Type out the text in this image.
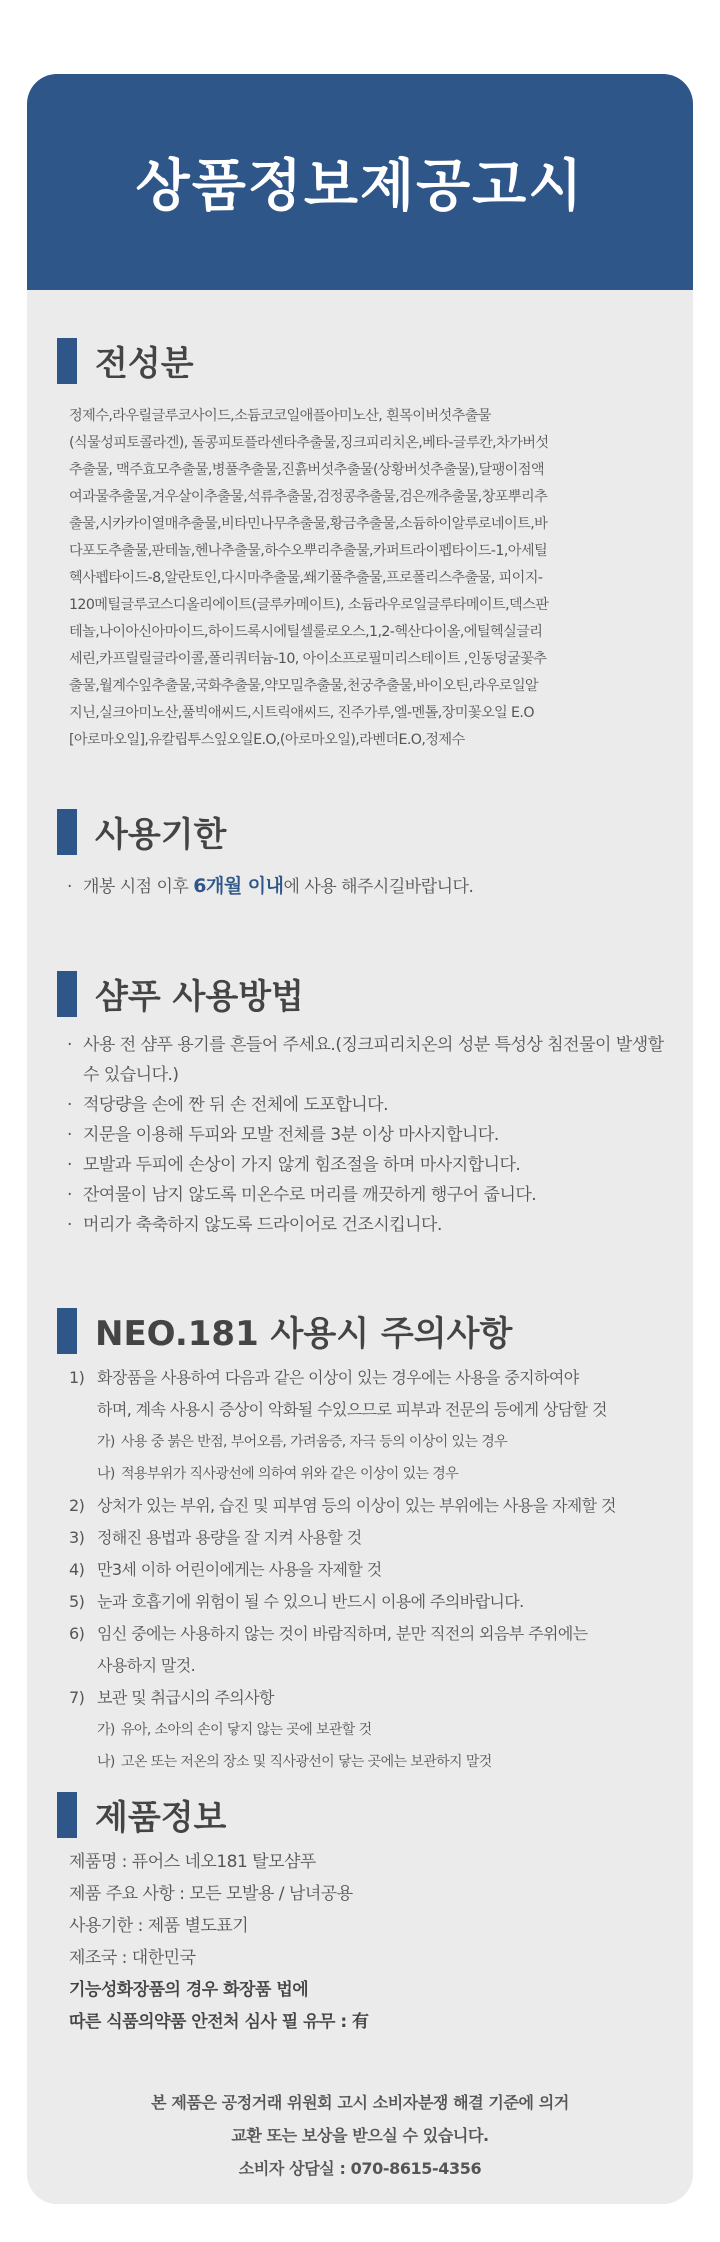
상품정보제공고시
전성분
정제수,라우릴글루코사이드,소듐코코일애플아미노산, 흰목이버섯추출물
(식물성피토콜라겐), 돌콩피토플라센타추출물,징크피리치온,베타-글루칸,차가버섯
추출물, 맥주효모추출물,병풀추출물,진흙버섯추출물(상황버섯추출물),달팽이점액
여과물추출물,겨우살이추출물,석류추출물,검정콩추출물,검은깨추출물,창포뿌리추
출물,시카카이열매추출물,비타민나무추출물,황금추출물,소듐하이알루로네이트,바
다포도추출물,판테놀,헨나추출물,하수오뿌리추출물,카퍼트라이펩타이드-1,아세틸
헥사펩타이드-8,알란토인,다시마추출물,쐐기풀추출물,프로폴리스추출물, 피이지-
120메틸글루코스디올리에이트(글루카메이트), 소듐라우로일글루타메이트,덱스판
테놀,나이아신아마이드,하이드록시에틸셀룰로오스,1,2-헥산다이올,에틸헥실글리
세린,카프릴릴글라이콜,폴리쿼터늄-10, 아이소프로필미리스테이트 ,인동덩굴꽃추
출물,월계수잎추출물,국화추출물,약모밀추출물,천궁추출물,바이오틴,라우로일알
지닌,실크아미노산,풀빅애씨드,시트릭애씨드, 진주가루,엘-멘톨,장미꽃오일 E.O
[아로마오일],유칼립투스잎오일E.O,(아로마오일),라벤더E.O,정제수
사용기한
· 개봉 시점 이후 6개월 이내에 사용 해주시길바랍니다.
샴푸 사용방법
· 사용 전 샴푸 용기를 흔들어 주세요.(징크피리치온의 성분 특성상 침전물이 발생할 수 있습니다.)
· 적당량을 손에 짠 뒤 손 전체에 도포합니다.
· 지문을 이용해 두피와 모발 전체를 3분 이상 마사지합니다.
· 모발과 두피에 손상이 가지 않게 힘조절을 하며 마사지합니다.
· 잔여물이 남지 않도록 미온수로 머리를 깨끗하게 행구어 줍니다.
· 머리가 축축하지 않도록 드라이어로 건조시킵니다.
NEO.181 사용시 주의사항
1) 화장품을 사용하여 다음과 같은 이상이 있는 경우에는 사용을 중지하여야
하며, 계속 사용시 증상이 악화될 수있으므로 피부과 전문의 등에게 상담할 것
가) 사용 중 붉은 반점, 부어오름, 가려움증, 자극 등의 이상이 있는 경우
나) 적용부위가 직사광선에 의하여 위와 같은 이상이 있는 경우
2) 상처가 있는 부위, 습진 및 피부염 등의 이상이 있는 부위에는 사용을 자제할 것
3) 정해진 용법과 용량을 잘 지켜 사용할 것
4) 만3세 이하 어린이에게는 사용을 자제할 것
5) 눈과 호흡기에 위험이 될 수 있으니 반드시 이용에 주의바랍니다.
6) 임신 중에는 사용하지 않는 것이 바람직하며, 분만 직전의 외음부 주위에는
사용하지 말것.
7) 보관 및 취급시의 주의사항
가) 유아, 소아의 손이 닿지 않는 곳에 보관할 것
나) 고온 또는 저온의 장소 및 직사광선이 닿는 곳에는 보관하지 말것
제품정보
제품명 : 퓨어스 네오181 탈모샴푸
제품 주요 사항 : 모든 모발용 / 남녀공용
사용기한 : 제품 별도표기
제조국 : 대한민국
기능성화장품의 경우 화장품 법에
따른 식품의약품 안전처 심사 필 유무 : 有
본 제품은 공정거래 위원회 고시 소비자분쟁 해결 기준에 의거
교환 또는 보상을 받으실 수 있습니다.
소비자 상담실 : 070-8615-4356
